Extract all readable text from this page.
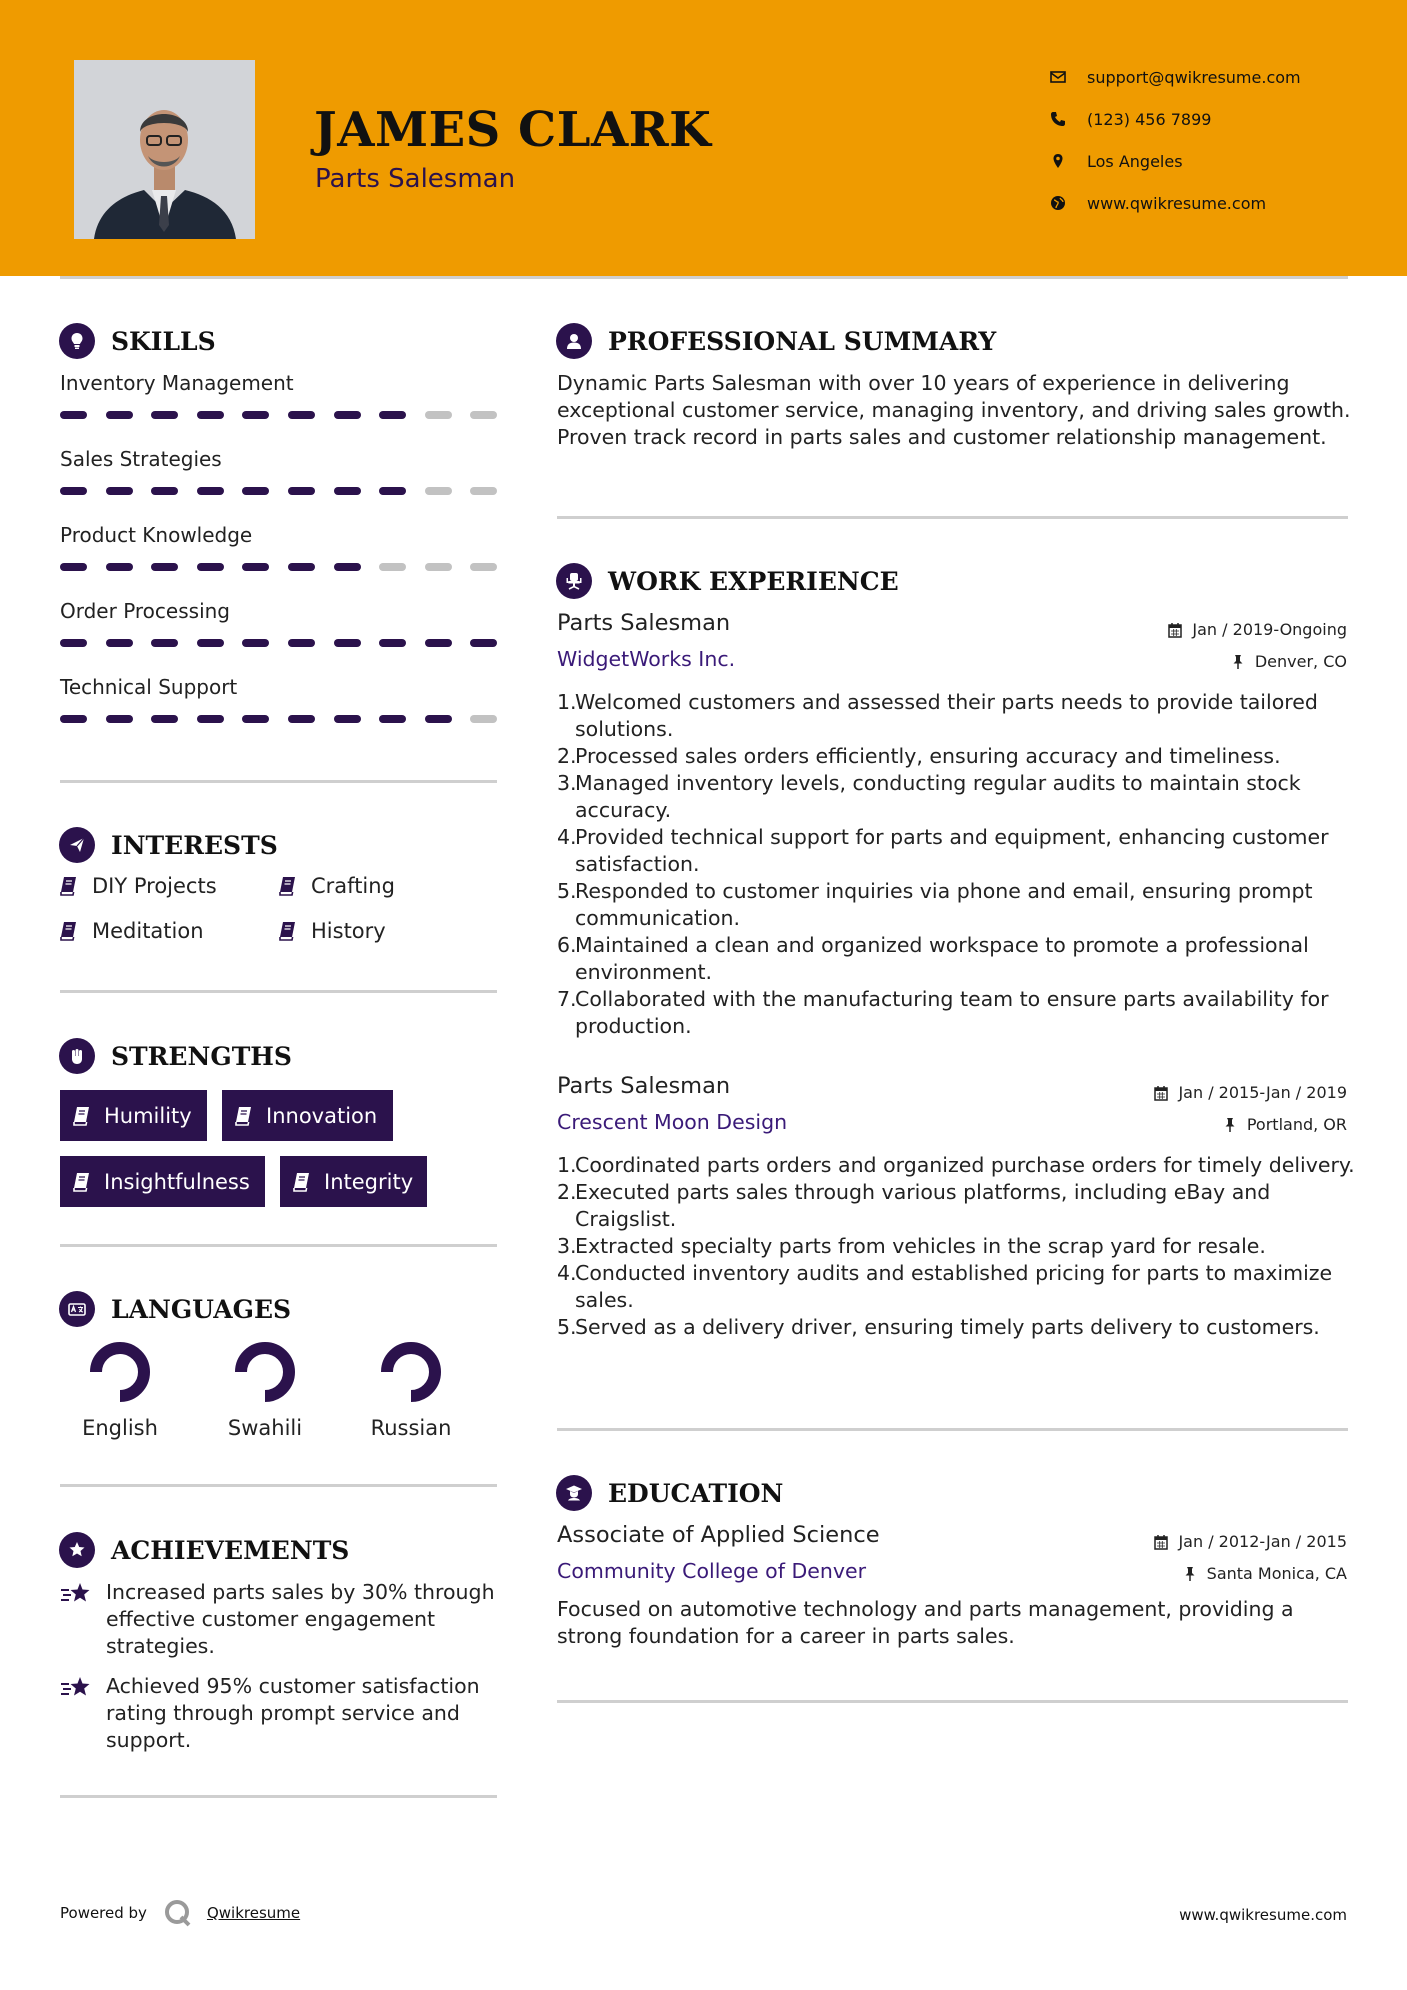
JAMES CLARK
Parts Salesman
support@qwikresume.com
(123) 456 7899
Los Angeles
www.qwikresume.com
SKILLS
Inventory Management
Sales Strategies
Product Knowledge
Order Processing
Technical Support
INTERESTS
DIY Projects	Crafting
Meditation	History
STRENGTHS
Humility	Innovation
Insightfulness	Integrity
LANGUAGES
English	Swahili	Russian
ACHIEVEMENTS
Increased parts sales by 30% through effective customer engagement strategies.
Achieved 95% customer satisfaction rating through prompt service and support.
PROFESSIONAL SUMMARY
Dynamic Parts Salesman with over 10 years of experience in delivering exceptional customer service, managing inventory, and driving sales growth. Proven track record in parts sales and customer relationship management.
WORK EXPERIENCE
Parts Salesman
WidgetWorks Inc.
Jan / 2019-Ongoing
Denver, CO
1.
Welcomed customers and assessed their parts needs to provide tailored solutions.
2.
Processed sales orders efficiently, ensuring accuracy and timeliness.
3.
Managed inventory levels, conducting regular audits to maintain stock accuracy.
4.
Provided technical support for parts and equipment, enhancing customer satisfaction.
5.
Responded to customer inquiries via phone and email, ensuring prompt communication.
6.
Maintained a clean and organized workspace to promote a professional environment.
7.
Collaborated with the manufacturing team to ensure parts availability for production.
Parts Salesman
Crescent Moon Design
Jan / 2015-Jan / 2019
Portland, OR
1.
Coordinated parts orders and organized purchase orders for timely delivery.
2.
Executed parts sales through various platforms, including eBay and Craigslist.
3.
Extracted specialty parts from vehicles in the scrap yard for resale.
4.
Conducted inventory audits and established pricing for parts to maximize sales.
5.
Served as a delivery driver, ensuring timely parts delivery to customers.
EDUCATION
Associate of Applied Science
Community College of Denver
Jan / 2012-Jan / 2015
Santa Monica, CA
Focused on automotive technology and parts management, providing a strong foundation for a career in parts sales.
Powered by	Qwikresume	www.qwikresume.com
